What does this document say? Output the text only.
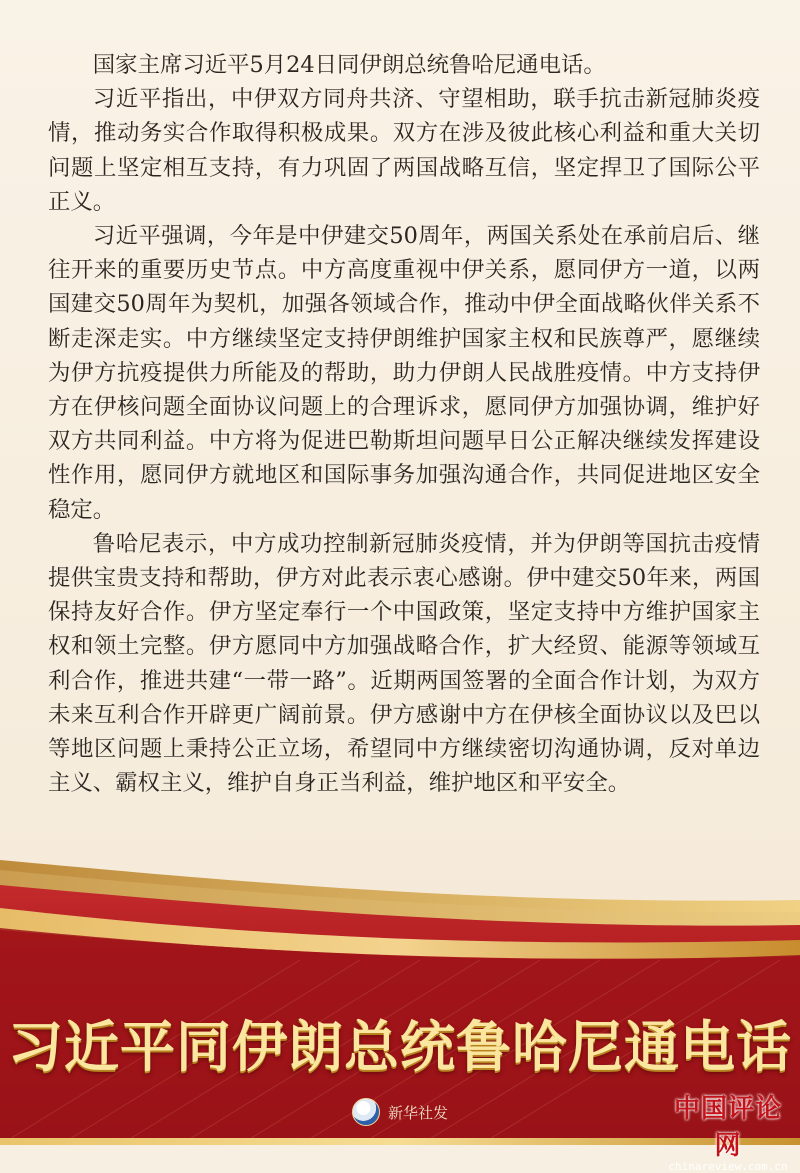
国家主席习近平5月24日同伊朗总统鲁哈尼通电话。

习近平指出，中伊双方同舟共济、守望相助，联手抗击新冠肺炎疫情，推动务实合作取得积极成果。双方在涉及彼此核心利益和重大关切问题上坚定相互支持，有力巩固了两国战略互信，坚定捍卫了国际公平正义。

习近平强调，今年是中伊建交50周年，两国关系处在承前启后、继往开来的重要历史节点。中方高度重视中伊关系，愿同伊方一道，以两国建交50周年为契机，加强各领域合作，推动中伊全面战略伙伴关系不断走深走实。中方继续坚定支持伊朗维护国家主权和民族尊严，愿继续为伊方抗疫提供力所能及的帮助，助力伊朗人民战胜疫情。中方支持伊方在伊核问题全面协议问题上的合理诉求，愿同伊方加强协调，维护好双方共同利益。中方将为促进巴勒斯坦问题早日公正解决继续发挥建设性作用，愿同伊方就地区和国际事务加强沟通合作，共同促进地区安全稳定。

鲁哈尼表示，中方成功控制新冠肺炎疫情，并为伊朗等国抗击疫情提供宝贵支持和帮助，伊方对此表示衷心感谢。伊中建交50年来，两国保持友好合作。伊方坚定奉行一个中国政策，坚定支持中方维护国家主权和领土完整。伊方愿同中方加强战略合作，扩大经贸、能源等领域互利合作，推进共建“一带一路”。近期两国签署的全面合作计划，为双方未来互利合作开辟更广阔前景。伊方感谢中方在伊核全面协议以及巴以等地区问题上秉持公正立场，希望同中方继续密切沟通协调，反对单边主义、霸权主义，维护自身正当利益，维护地区和平安全。

习近平同伊朗总统鲁哈尼通电话
新华社发	中国评论网
chinareview.com.cn
